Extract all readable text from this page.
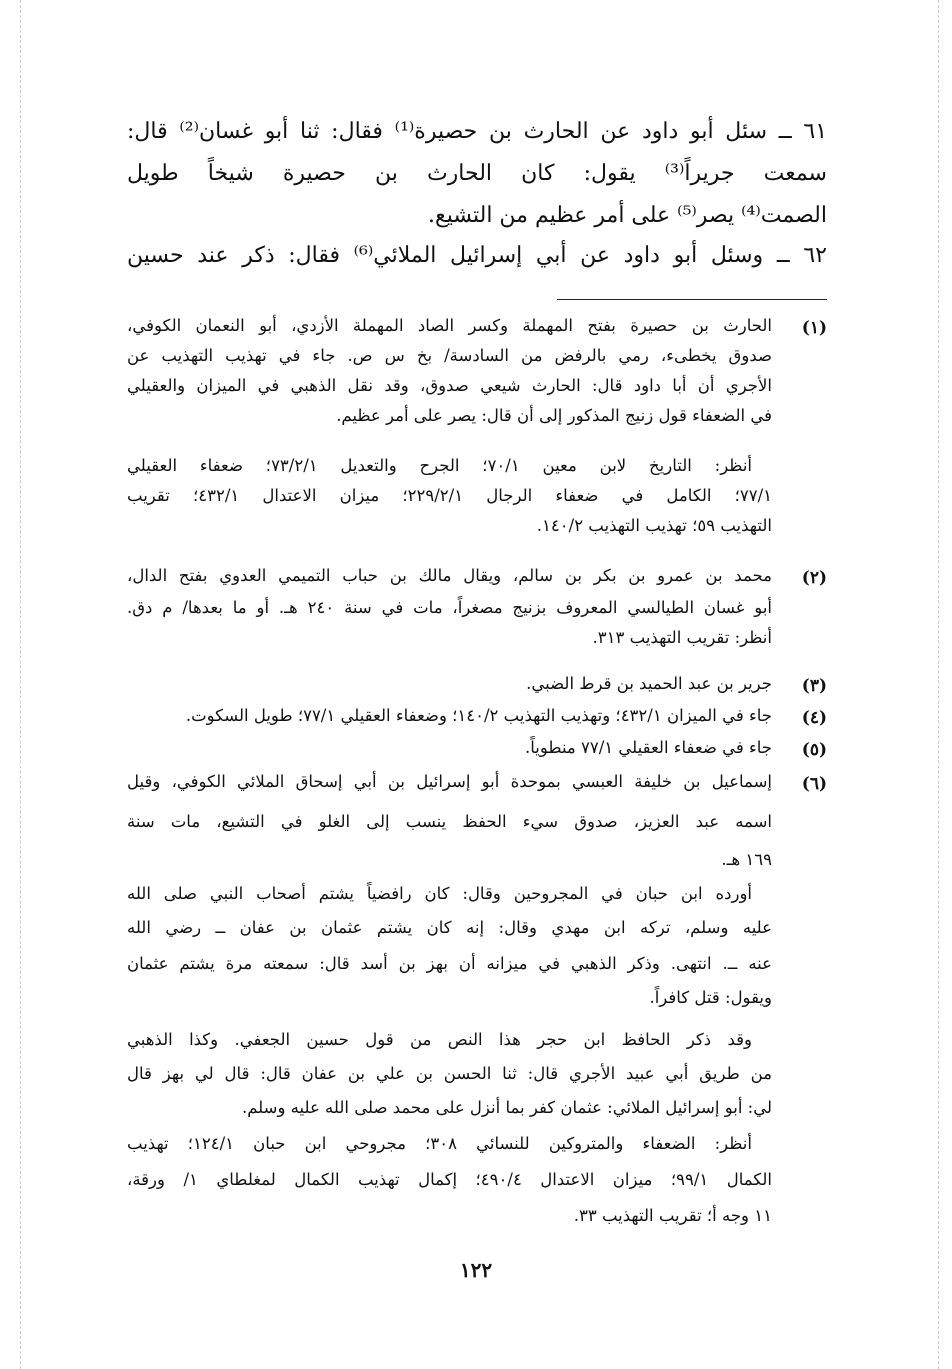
٦١ ــ سئل أبو داود عن الحارث بن حصيرة⁽¹⁾ فقال: ثنا أبو غسان⁽²⁾ قال:
سمعت جريراً⁽³⁾ يقول: كان الحارث بن حصيرة شيخاً طويل
الصمت⁽⁴⁾ يصر⁽⁵⁾ على أمر عظيم من التشيع.
٦٢ ــ وسئل أبو داود عن أبي إسرائيل الملائي⁽⁶⁾ فقال: ذكر عند حسين
(١)
الحارث بن حصيرة بفتح المهملة وكسر الصاد المهملة الأزدي، أبو النعمان الكوفي،
صدوق يخطىء، رمي بالرفض من السادسة/ بخ س ص. جاء في تهذيب التهذيب عن
الأجري أن أبا داود قال: الحارث شيعي صدوق، وقد نقل الذهبي في الميزان والعقيلي
في الضعفاء قول زنيج المذكور إلى أن قال: يصر على أمر عظيم.
أنظر: التاريخ لابن معين ٧٠/١؛ الجرح والتعديل ٧٣/٢/١؛ ضعفاء العقيلي
٧٧/١؛ الكامل في ضعفاء الرجال ٢٢٩/٢/١؛ ميزان الاعتدال ٤٣٢/١؛ تقريب
التهذيب ٥٩؛ تهذيب التهذيب ١٤٠/٢.
(٢)
محمد بن عمرو بن بكر بن سالم، ويقال مالك بن حباب التميمي العدوي بفتح الدال،
أبو غسان الطيالسي المعروف بزنيج مصغراً، مات في سنة ٢٤٠ هـ. أو ما بعدها/ م دق.
أنظر: تقريب التهذيب ٣١٣.
(٣)
جرير بن عبد الحميد بن قرط الضبي.
(٤)
جاء في الميزان ٤٣٢/١؛ وتهذيب التهذيب ١٤٠/٢؛ وضعفاء العقيلي ٧٧/١؛ طويل السكوت.
(٥)
جاء في ضعفاء العقيلي ٧٧/١ منطوياً.
(٦)
إسماعيل بن خليفة العبسي بموحدة أبو إسرائيل بن أبي إسحاق الملائي الكوفي، وقيل
اسمه عبد العزيز، صدوق سيء الحفظ ينسب إلى الغلو في التشيع، مات سنة
١٦٩ هـ.
أورده ابن حبان في المجروحين وقال: كان رافضياً يشتم أصحاب النبي صلى الله
عليه وسلم، تركه ابن مهدي وقال: إنه كان يشتم عثمان بن عفان ــ رضي الله
عنه ــ. انتهى. وذكر الذهبي في ميزانه أن بهز بن أسد قال: سمعته مرة يشتم عثمان
ويقول: قتل كافراً.
وقد ذكر الحافظ ابن حجر هذا النص من قول حسين الجعفي. وكذا الذهبي
من طريق أبي عبيد الأجري قال: ثنا الحسن بن علي بن عفان قال: قال لي بهز قال
لي: أبو إسرائيل الملائي: عثمان كفر بما أنزل على محمد صلى الله عليه وسلم.
أنظر: الضعفاء والمتروكين للنسائي ٣٠٨؛ مجروحي ابن حبان ١٢٤/١؛ تهذيب
الكمال ٩٩/١؛ ميزان الاعتدال ٤٩٠/٤؛ إكمال تهذيب الكمال لمغلطاي ١/ ورقة،
١١ وجه أ؛ تقريب التهذيب ٣٣.
١٢٢
